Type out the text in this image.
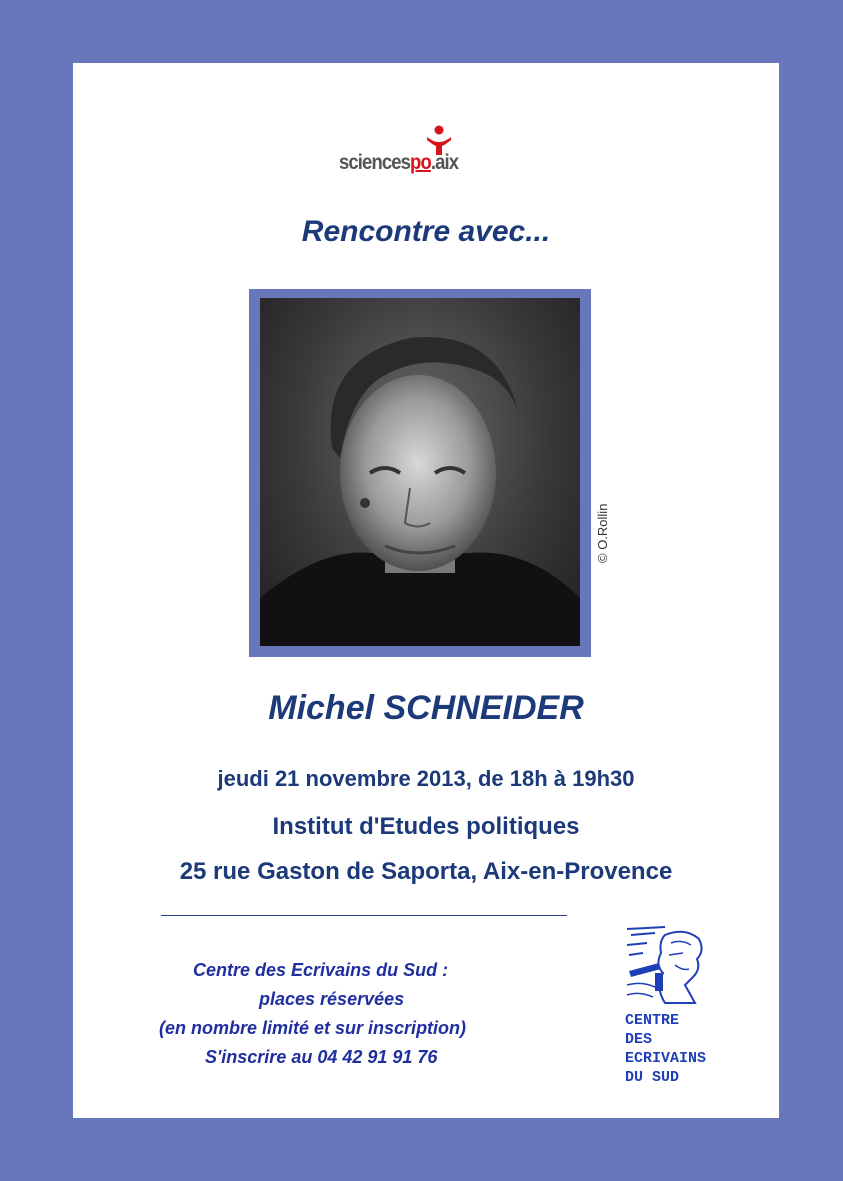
sciencespo.aix
Rencontre avec...
© O.Rollin
Michel SCHNEIDER
jeudi 21 novembre 2013, de 18h à 19h30
Institut d'Etudes politiques
25 rue Gaston de Saporta, Aix-en-Provence
Centre des Ecrivains du Sud :
places réservées
(en nombre limité et sur inscription)
S'inscrire au 04 42 91 91 76
CENTRE
DES
ECRIVAINS
DU SUD
